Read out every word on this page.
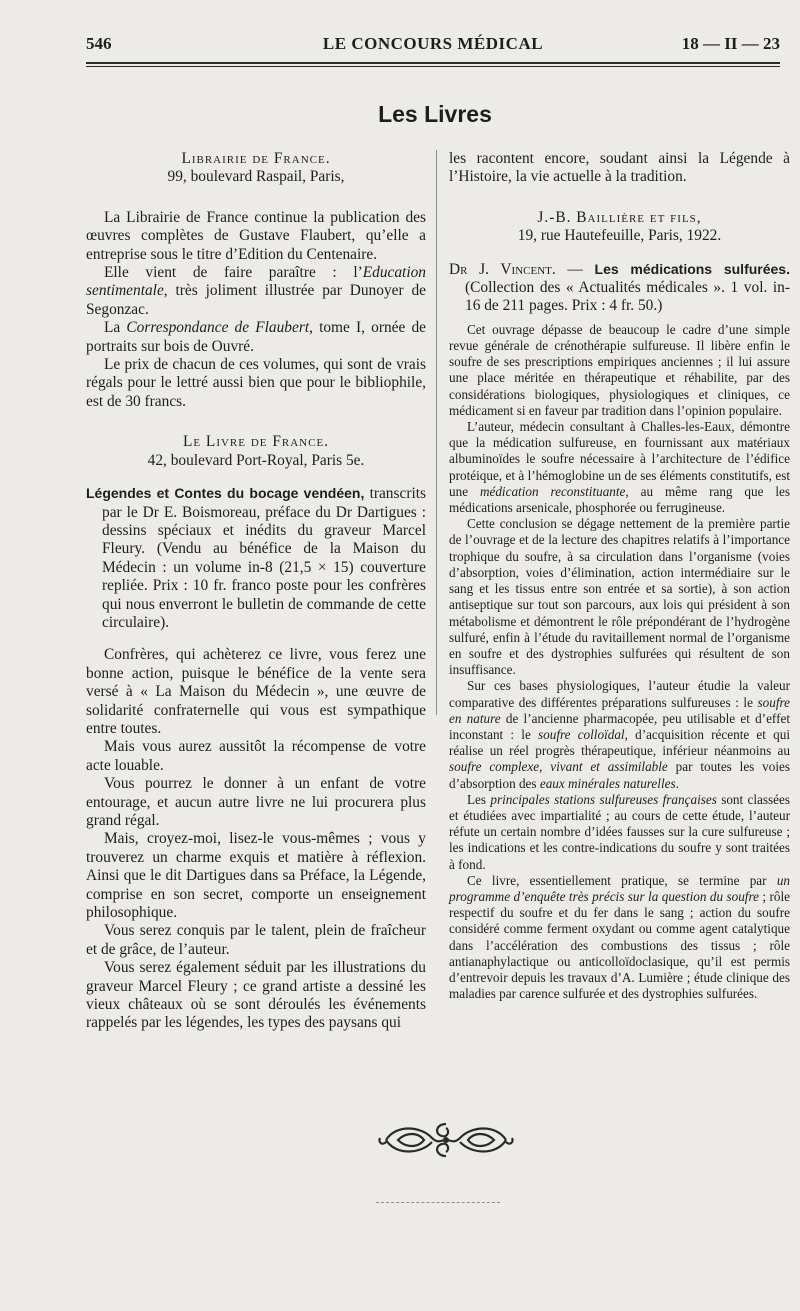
546	LE CONCOURS MÉDICAL	18 — II — 23
Les Livres

Librairie de France.

99, boulevard Raspail, Paris,

La Librairie de France continue la publication des œuvres complètes de Gustave Flaubert, qu’elle a entreprise sous le titre d’Edition du Centenaire.

Elle vient de faire paraître : l’Education sentimentale, très joliment illustrée par Dunoyer de Segonzac.

La Correspondance de Flaubert, tome I, ornée de portraits sur bois de Ouvré.

Le prix de chacun de ces volumes, qui sont de vrais régals pour le lettré aussi bien que pour le bibliophile, est de 30 francs.

Le Livre de France.

42, boulevard Port-Royal, Paris 5e.

Légendes et Contes du bocage vendéen, transcrits par le Dr E. Boismoreau, préface du Dr Dartigues : dessins spéciaux et inédits du graveur Marcel Fleury. (Vendu au bénéfice de la Maison du Médecin : un volume in-8 (21,5 × 15) couverture repliée. Prix : 10 fr. franco poste pour les confrères qui nous enverront le bulletin de commande de cette circulaire).

Confrères, qui achèterez ce livre, vous ferez une bonne action, puisque le bénéfice de la vente sera versé à « La Maison du Médecin », une œuvre de solidarité confraternelle qui vous est sympathique entre toutes.

Mais vous aurez aussitôt la récompense de votre acte louable.

Vous pourrez le donner à un enfant de votre entourage, et aucun autre livre ne lui procurera plus grand régal.

Mais, croyez-moi, lisez-le vous-mêmes ; vous y trouverez un charme exquis et matière à réflexion. Ainsi que le dit Dartigues dans sa Préface, la Légende, comprise en son secret, comporte un enseignement philosophique.

Vous serez conquis par le talent, plein de fraîcheur et de grâce, de l’auteur.

Vous serez également séduit par les illustrations du graveur Marcel Fleury ; ce grand artiste a dessiné les vieux châteaux où se sont déroulés les événements rappelés par les légendes, les types des paysans qui

les racontent encore, soudant ainsi la Légende à l’Histoire, la vie actuelle à la tradition.

J.-B. Baillière et fils,

19, rue Hautefeuille, Paris, 1922.

Dr J. Vincent. — Les médications sulfurées. (Collection des « Actualités médicales ». 1 vol. in-16 de 211 pages. Prix : 4 fr. 50.)

Cet ouvrage dépasse de beaucoup le cadre d’une simple revue générale de crénothérapie sulfureuse. Il libère enfin le soufre de ses prescriptions empiriques anciennes ; il lui assure une place méritée en thérapeutique et réhabilite, par des considérations biologiques, physiologiques et cliniques, ce médicament si en faveur par tradition dans l’opinion populaire.

L’auteur, médecin consultant à Challes-les-Eaux, démontre que la médication sulfureuse, en fournissant aux matériaux albuminoïdes le soufre nécessaire à l’architecture de l’édifice protéique, et à l’hémoglobine un de ses éléments constitutifs, est une médication reconstituante, au même rang que les médications arsenicale, phosphorée ou ferrugineuse.

Cette conclusion se dégage nettement de la première partie de l’ouvrage et de la lecture des chapitres relatifs à l’importance trophique du soufre, à sa circulation dans l’organisme (voies d’absorption, voies d’élimination, action intermédiaire sur le sang et les tissus entre son entrée et sa sortie), à son action antiseptique sur tout son parcours, aux lois qui président à son métabolisme et démontrent le rôle prépondérant de l’hydrogène sulfuré, enfin à l’étude du ravitaillement normal de l’organisme en soufre et des dystrophies sulfurées qui résultent de son insuffisance.

Sur ces bases physiologiques, l’auteur étudie la valeur comparative des différentes préparations sulfureuses : le soufre en nature de l’ancienne pharmacopée, peu utilisable et d’effet inconstant : le soufre colloïdal, d’acquisition récente et qui réalise un réel progrès thérapeutique, inférieur néanmoins au soufre complexe, vivant et assimilable par toutes les voies d’absorption des eaux minérales naturelles.

Les principales stations sulfureuses françaises sont classées et étudiées avec impartialité ; au cours de cette étude, l’auteur réfute un certain nombre d’idées fausses sur la cure sulfureuse ; les indications et les contre-indications du soufre y sont traitées à fond.

Ce livre, essentiellement pratique, se termine par un programme d’enquête très précis sur la question du soufre ; rôle respectif du soufre et du fer dans le sang ; action du soufre considéré comme ferment oxydant ou comme agent catalytique dans l’accélération des combustions des tissus ; rôle antianaphylactique ou anticolloïdoclasique, qu’il est permis d’entrevoir depuis les travaux d’A. Lumière ; étude clinique des maladies par carence sulfurée et des dystrophies sulfurées.
